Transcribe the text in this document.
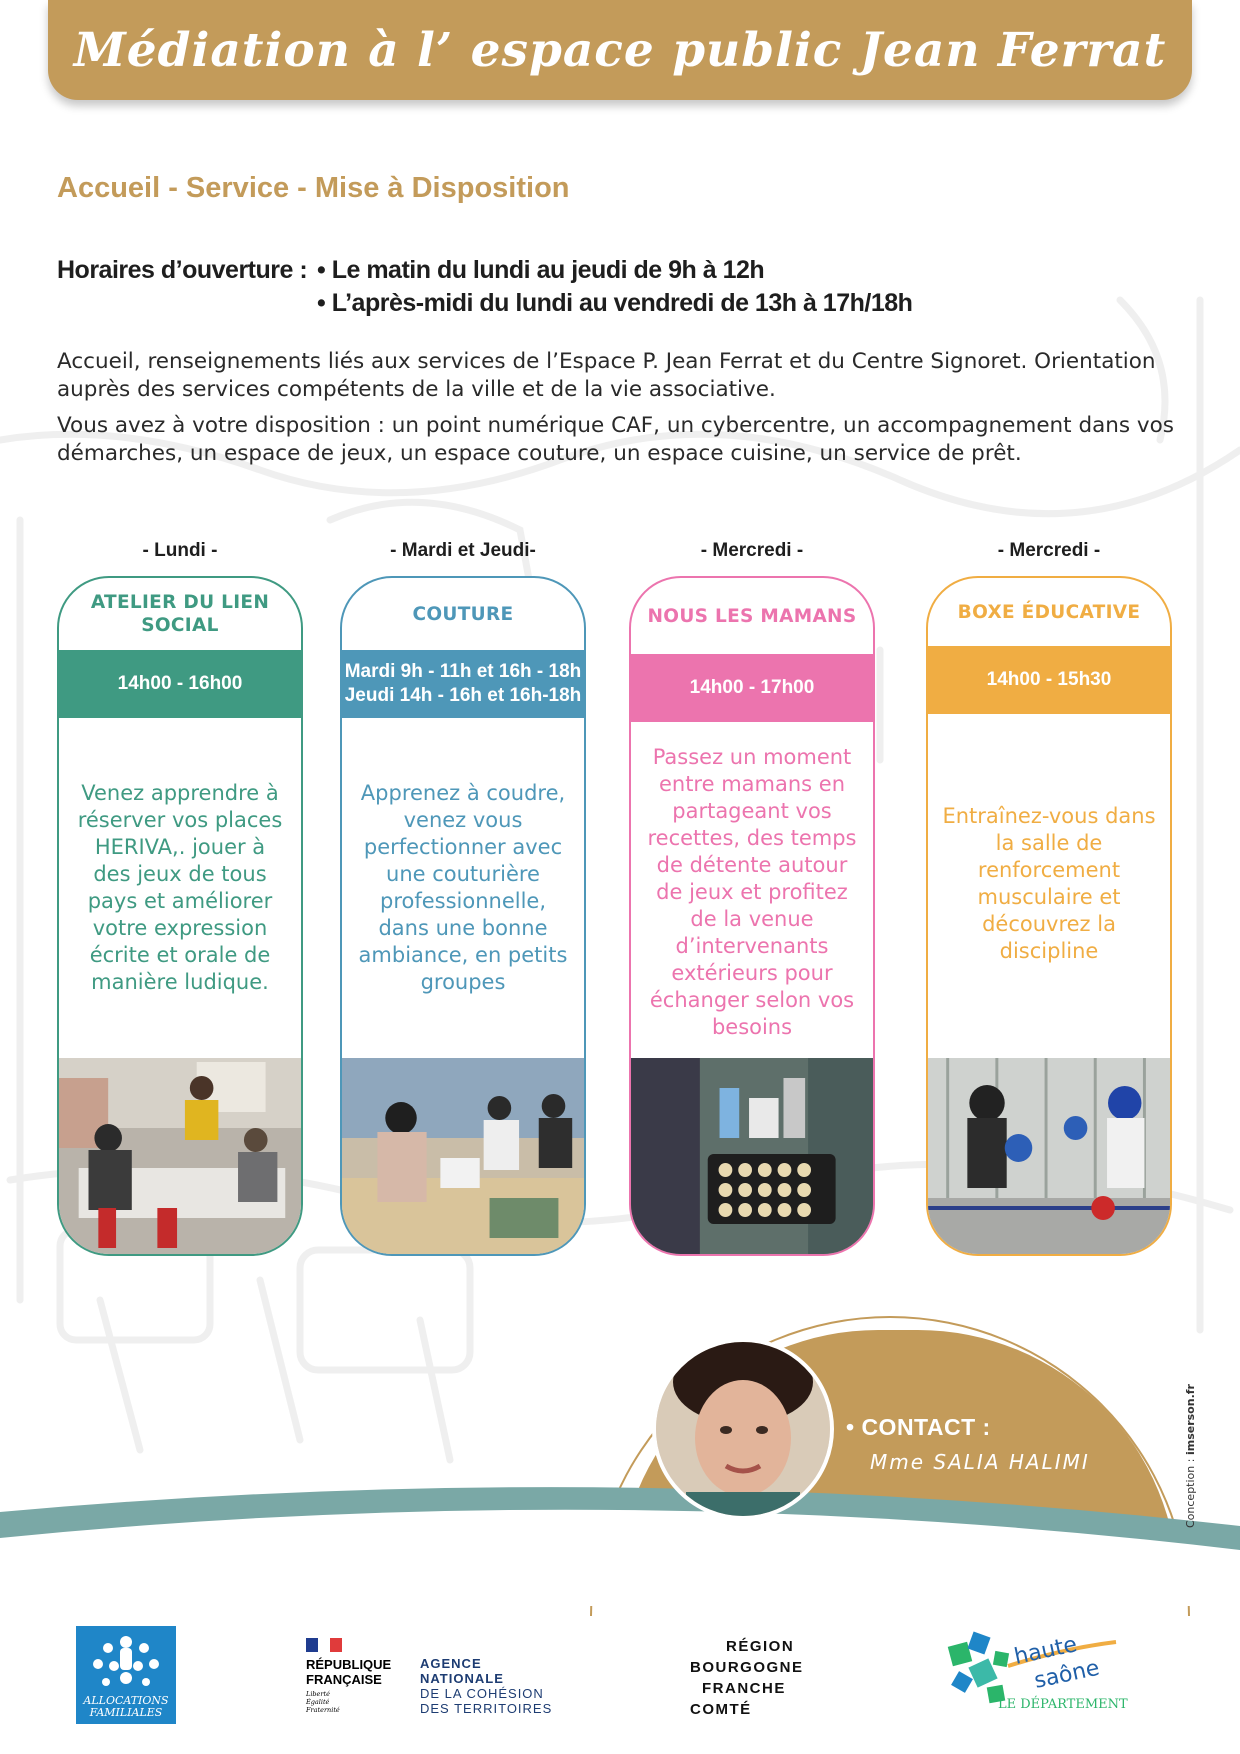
Médiation à l’ espace public Jean Ferrat
Accueil - Service - Mise à Disposition
Horaires d’ouverture : • Le matin du lundi au jeudi de 9h à 12h
• L’après-midi du lundi au vendredi de 13h à 17h/18h
Accueil, renseignements liés aux services de l’Espace P. Jean Ferrat et du Centre Signoret. Orientation auprès des services compétents de la ville et de la vie associative.
Vous avez à votre disposition : un point numérique CAF, un cybercentre, un accompagnement dans vos démarches, un espace de jeux, un espace couture, un espace cuisine, un service de prêt.
- Lundi -	- Mardi et Jeudi-	- Mercredi -	- Mercredi -
ATELIER DU LIEN SOCIAL
14h00 - 16h00
Venez apprendre à réserver vos places HERIVA,. jouer à des jeux de tous pays et améliorer votre expression écrite et orale de manière ludique.
COUTURE
Mardi 9h - 11h et 16h - 18h Jeudi 14h - 16h et 16h-18h
Apprenez à coudre, venez vous perfectionner avec une couturière professionnelle, dans une bonne ambiance, en petits groupes
NOUS LES MAMANS
14h00 - 17h00
Passez un moment entre mamans en partageant vos recettes, des temps de détente autour de jeux et profitez de la venue d’intervenants extérieurs pour échanger selon vos besoins
BOXE ÉDUCATIVE
14h00 - 15h30
Entraînez-vous dans la salle de renforcement musculaire et découvrez la discipline
• CONTACT :
Mme SALIA HALIMI	Conception : imserson.fr
ALLOCATIONS FAMILIALES
RÉPUBLIQUE
FRANÇAISE
Liberté
Égalité
Fraternité
AGENCE
NATIONALE
DE LA COHÉSION
DES TERRITOIRES
RÉGION
BOURGOGNE
FRANCHE
COMTÉ
haute
saône
LE DÉPARTEMENT
